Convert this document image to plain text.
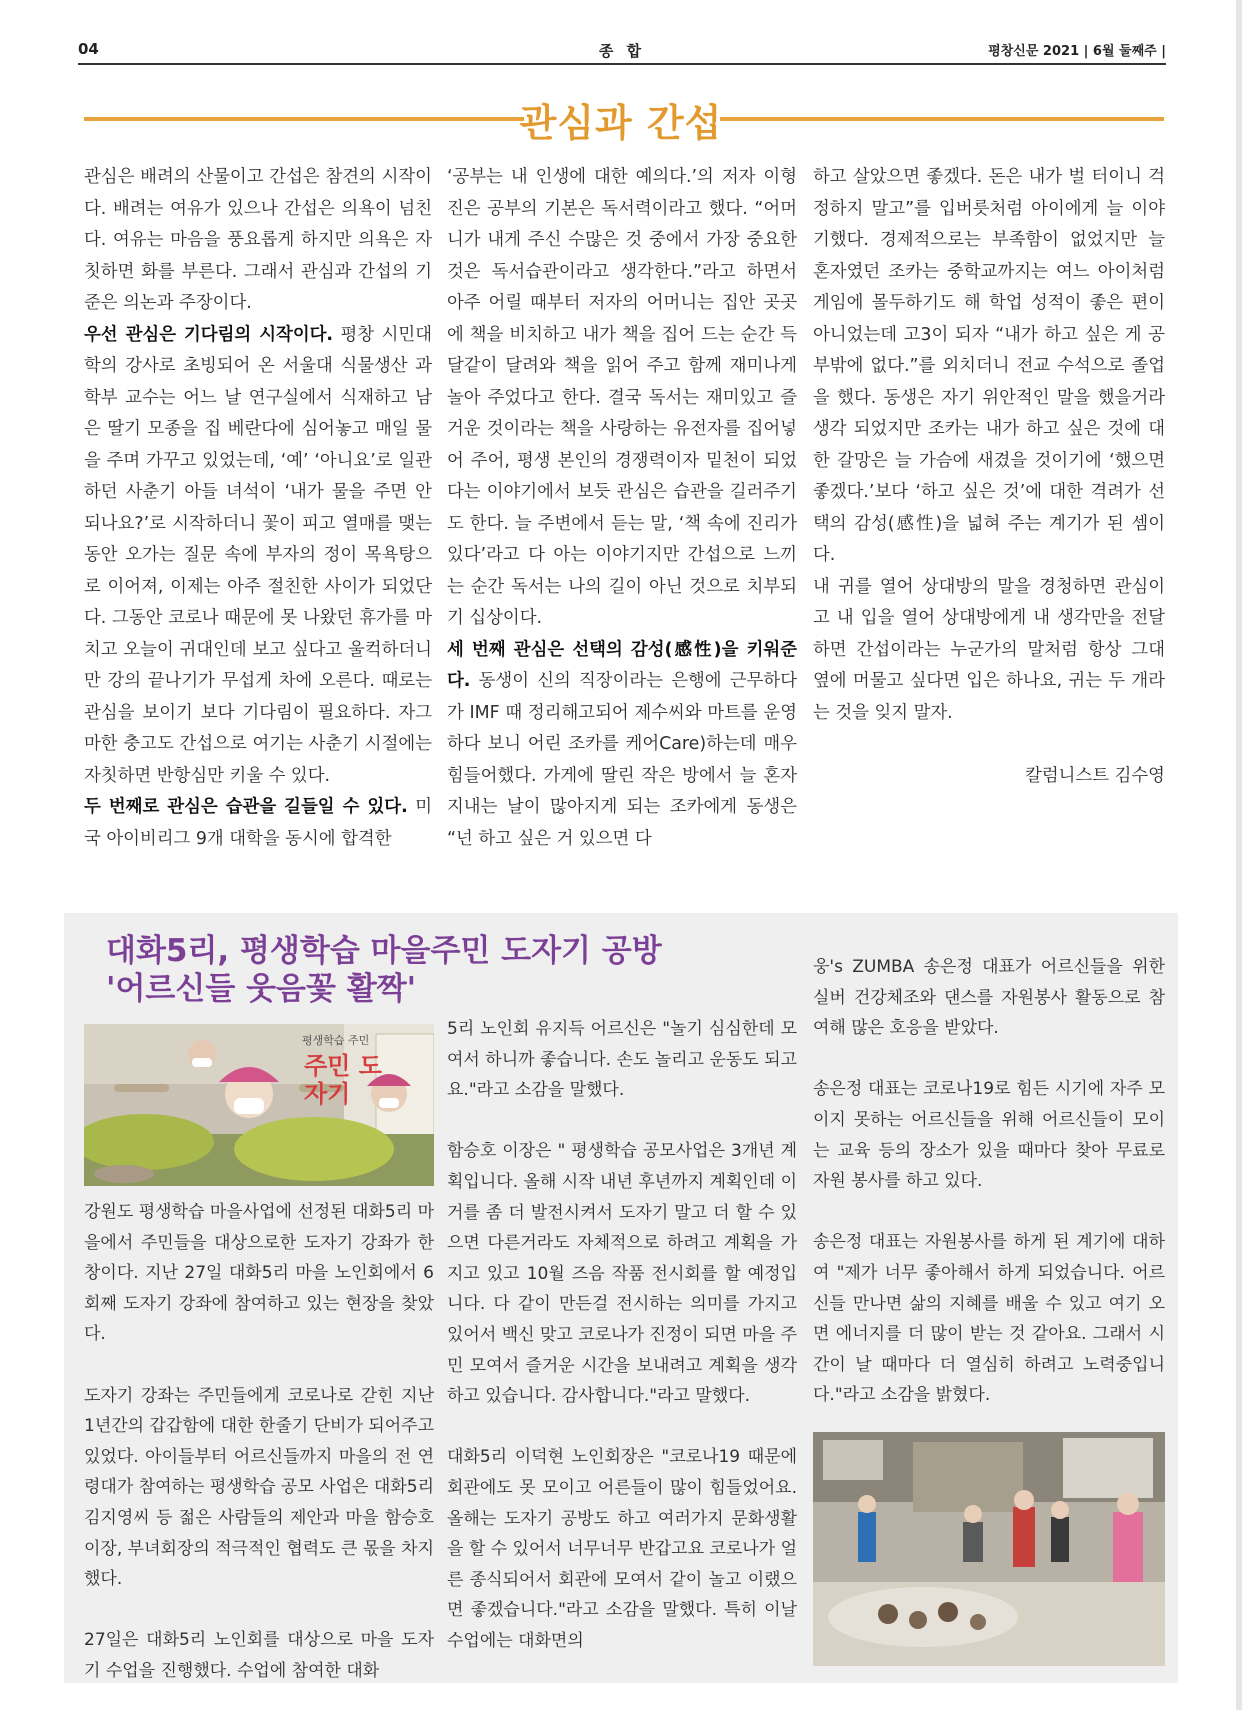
04	종 합	평창신문 2021 | 6월 둘째주 |
관심과 간섭

관심은 배려의 산물이고 간섭은 참견의 시작이다. 배려는 여유가 있으나 간섭은 의욕이 넘친다. 여유는 마음을 풍요롭게 하지만 의욕은 자칫하면 화를 부른다. 그래서 관심과 간섭의 기준은 의논과 주장이다.

우선 관심은 기다림의 시작이다. 평창 시민대학의 강사로 초빙되어 온 서울대 식물생산 과학부 교수는 어느 날 연구실에서 식재하고 남은 딸기 모종을 집 베란다에 심어놓고 매일 물을 주며 가꾸고 있었는데, ‘예’ ‘아니요’로 일관하던 사춘기 아들 녀석이 ‘내가 물을 주면 안 되나요?’로 시작하더니 꽃이 피고 열매를 맺는 동안 오가는 질문 속에 부자의 정이 목욕탕으로 이어져, 이제는 아주 절친한 사이가 되었단다. 그동안 코로나 때문에 못 나왔던 휴가를 마치고 오늘이 귀대인데 보고 싶다고 울컥하더니만 강의 끝나기가 무섭게 차에 오른다. 때로는 관심을 보이기 보다 기다림이 필요하다. 자그마한 충고도 간섭으로 여기는 사춘기 시절에는 자칫하면 반항심만 키울 수 있다.

두 번째로 관심은 습관을 길들일 수 있다. 미국 아이비리그 9개 대학을 동시에 합격한

‘공부는 내 인생에 대한 예의다.’의 저자 이형진은 공부의 기본은 독서력이라고 했다. “어머니가 내게 주신 수많은 것 중에서 가장 중요한 것은 독서습관이라고 생각한다.”라고 하면서 아주 어릴 때부터 저자의 어머니는 집안 곳곳에 책을 비치하고 내가 책을 집어 드는 순간 득달같이 달려와 책을 읽어 주고 함께 재미나게 놀아 주었다고 한다. 결국 독서는 재미있고 즐거운 것이라는 책을 사랑하는 유전자를 집어넣어 주어, 평생 본인의 경쟁력이자 밑천이 되었다는 이야기에서 보듯 관심은 습관을 길러주기도 한다. 늘 주변에서 듣는 말, ‘책 속에 진리가 있다’라고 다 아는 이야기지만 간섭으로 느끼는 순간 독서는 나의 길이 아닌 것으로 치부되기 십상이다.

세 번째 관심은 선택의 감성(感性)을 키워준다. 동생이 신의 직장이라는 은행에 근무하다가 IMF 때 정리해고되어 제수씨와 마트를 운영하다 보니 어린 조카를 케어Care)하는데 매우 힘들어했다. 가게에 딸린 작은 방에서 늘 혼자 지내는 날이 많아지게 되는 조카에게 동생은 “넌 하고 싶은 거 있으면 다

하고 살았으면 좋겠다. 돈은 내가 벌 터이니 걱정하지 말고”를 입버릇처럼 아이에게 늘 이야기했다. 경제적으로는 부족함이 없었지만 늘 혼자였던 조카는 중학교까지는 여느 아이처럼 게임에 몰두하기도 해 학업 성적이 좋은 편이 아니었는데 고3이 되자 “내가 하고 싶은 게 공부밖에 없다.”를 외치더니 전교 수석으로 졸업을 했다. 동생은 자기 위안적인 말을 했을거라 생각 되었지만 조카는 내가 하고 싶은 것에 대한 갈망은 늘 가슴에 새겼을 것이기에 ‘했으면 좋겠다.’보다 ‘하고 싶은 것’에 대한 격려가 선택의 감성(感性)을 넓혀 주는 계기가 된 셈이다.

내 귀를 열어 상대방의 말을 경청하면 관심이고 내 입을 열어 상대방에게 내 생각만을 전달하면 간섭이라는 누군가의 말처럼 항상 그대 옆에 머물고 싶다면 입은 하나요, 귀는 두 개라는 것을 잊지 말자.

칼럼니스트 김수영

대화5리, 평생학습 마을주민 도자기 공방
'어르신들 웃음꽃 활짝'
평생학습 주민
주민 도자기

강원도 평생학습 마을사업에 선정된 대화5리 마을에서 주민들을 대상으로한 도자기 강좌가 한창이다. 지난 27일 대화5리 마을 노인회에서 6회째 도자기 강좌에 참여하고 있는 현장을 찾았다.

도자기 강좌는 주민들에게 코로나로 갇힌 지난 1년간의 갑갑함에 대한 한줄기 단비가 되어주고 있었다. 아이들부터 어르신들까지 마을의 전 연령대가 참여하는 평생학습 공모 사업은 대화5리 김지영씨 등 젊은 사람들의 제안과 마을 함승호 이장, 부녀회장의 적극적인 협력도 큰 몫을 차지했다.

27일은 대화5리 노인회를 대상으로 마을 도자기 수업을 진행했다. 수업에 참여한 대화

5리 노인회 유지득 어르신은 "놀기 심심한데 모여서 하니까 좋습니다. 손도 놀리고 운동도 되고요."라고 소감을 말했다.

함승호 이장은 " 평생학습 공모사업은 3개년 계획입니다. 올해 시작 내년 후년까지 계획인데 이거를 좀 더 발전시켜서 도자기 말고 더 할 수 있으면 다른거라도 자체적으로 하려고 계획을 가지고 있고 10월 즈음 작품 전시회를 할 예정입니다. 다 같이 만든걸 전시하는 의미를 가지고 있어서 백신 맞고 코로나가 진정이 되면 마을 주민 모여서 즐거운 시간을 보내려고 계획을 생각하고 있습니다. 감사합니다."라고 말했다.

대화5리 이덕현 노인회장은 "코로나19 때문에 회관에도 못 모이고 어른들이 많이 힘들었어요. 올해는 도자기 공방도 하고 여러가지 문화생활을 할 수 있어서 너무너무 반갑고요 코로나가 얼른 종식되어서 회관에 모여서 같이 놀고 이랬으면 좋겠습니다."라고 소감을 말했다. 특히 이날 수업에는 대화면의

웅's ZUMBA 송은정 대표가 어르신들을 위한 실버 건강체조와 댄스를 자원봉사 활동으로 참여해 많은 호응을 받았다.

송은정 대표는 코로나19로 힘든 시기에 자주 모이지 못하는 어르신들을 위해 어르신들이 모이는 교육 등의 장소가 있을 때마다 찾아 무료로 자원 봉사를 하고 있다.

송은정 대표는 자원봉사를 하게 된 계기에 대하여 "제가 너무 좋아해서 하게 되었습니다. 어르신들 만나면 삶의 지혜를 배울 수 있고 여기 오면 에너지를 더 많이 받는 것 같아요. 그래서 시간이 날 때마다 더 열심히 하려고 노력중입니다."라고 소감을 밝혔다.
